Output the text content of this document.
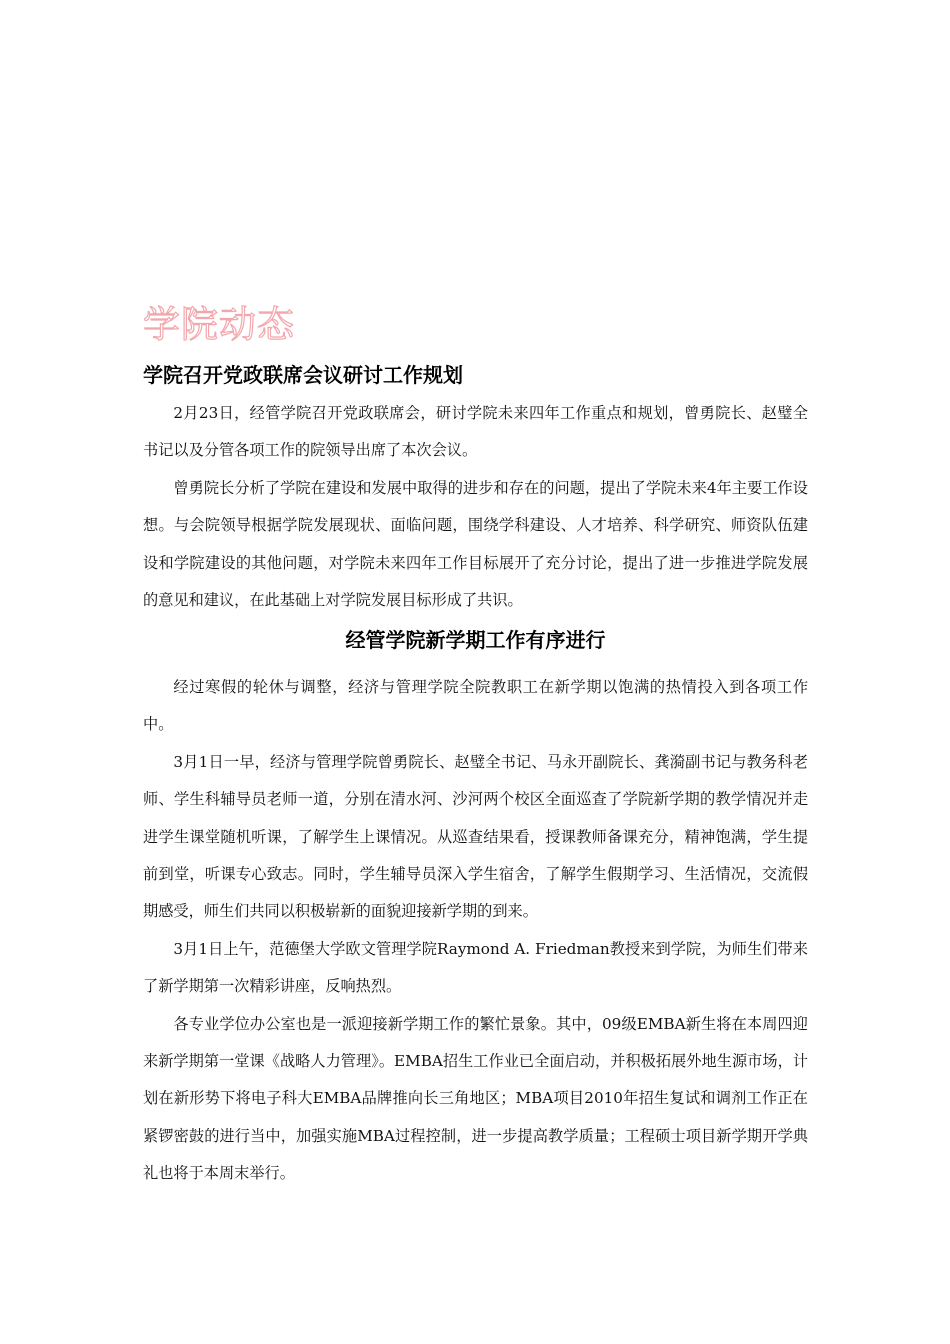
学院动态
学院召开党政联席会议研讨工作规划

2月23日，经管学院召开党政联席会，研讨学院未来四年工作重点和规划，曾勇院长、赵璧全书记以及分管各项工作的院领导出席了本次会议。

曾勇院长分析了学院在建设和发展中取得的进步和存在的问题，提出了学院未来4年主要工作设想。与会院领导根据学院发展现状、面临问题，围绕学科建设、人才培养、科学研究、师资队伍建设和学院建设的其他问题，对学院未来四年工作目标展开了充分讨论，提出了进一步推进学院发展的意见和建议，在此基础上对学院发展目标形成了共识。

经管学院新学期工作有序进行

经过寒假的轮休与调整，经济与管理学院全院教职工在新学期以饱满的热情投入到各项工作中。

3月1日一早，经济与管理学院曾勇院长、赵璧全书记、马永开副院长、龚漪副书记与教务科老师、学生科辅导员老师一道，分别在清水河、沙河两个校区全面巡查了学院新学期的教学情况并走进学生课堂随机听课，了解学生上课情况。从巡查结果看，授课教师备课充分，精神饱满，学生提前到堂，听课专心致志。同时，学生辅导员深入学生宿舍，了解学生假期学习、生活情况，交流假期感受，师生们共同以积极崭新的面貌迎接新学期的到来。

3月1日上午，范德堡大学欧文管理学院Raymond A. Friedman教授来到学院，为师生们带来了新学期第一次精彩讲座，反响热烈。

各专业学位办公室也是一派迎接新学期工作的繁忙景象。其中，09级EMBA新生将在本周四迎来新学期第一堂课《战略人力管理》。EMBA招生工作业已全面启动，并积极拓展外地生源市场，计划在新形势下将电子科大EMBA品牌推向长三角地区；MBA项目2010年招生复试和调剂工作正在紧锣密鼓的进行当中，加强实施MBA过程控制，进一步提高教学质量；工程硕士项目新学期开学典礼也将于本周末举行。
